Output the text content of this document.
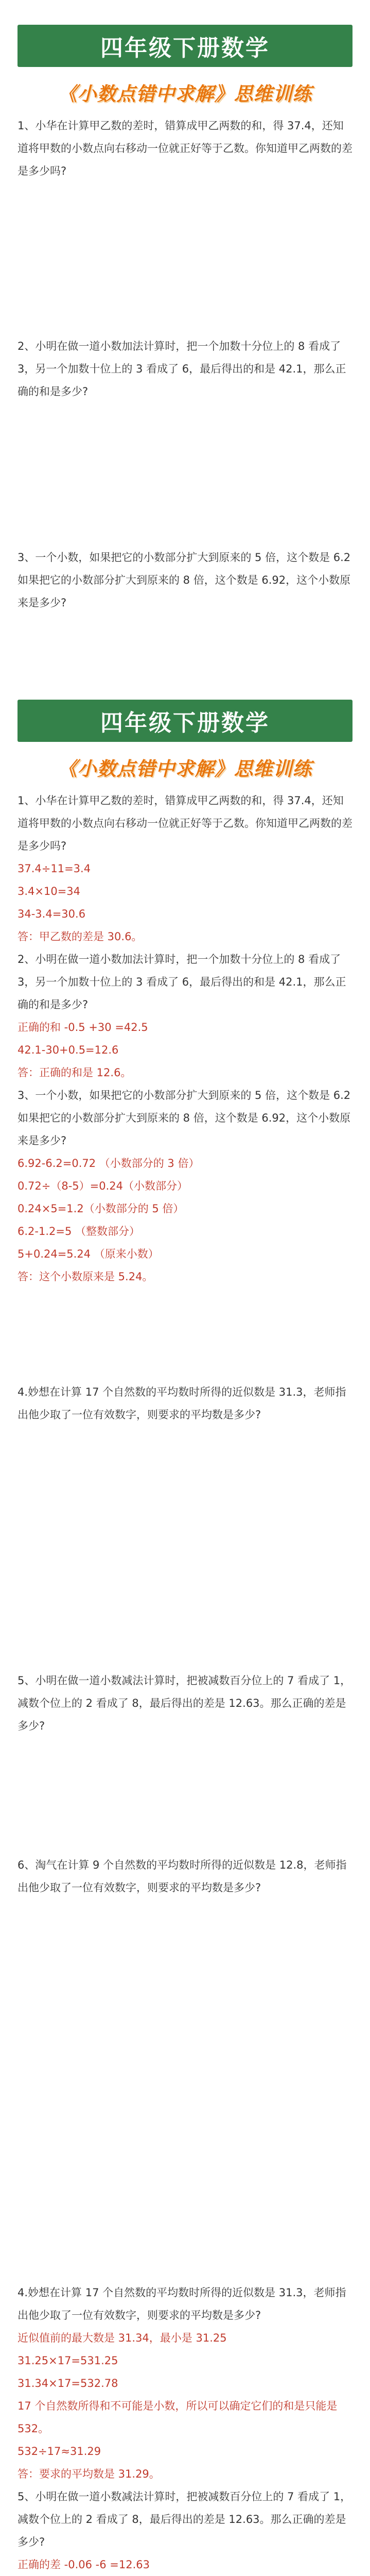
四年级下册数学
《小数点错中求解》思维训练

1、小华在计算甲乙数的差时，错算成甲乙两数的和，得 37.4，还知道将甲数的小数点向右移动一位就正好等于乙数。你知道甲乙两数的差是多少吗?

2、小明在做一道小数加法计算时，把一个加数十分位上的 8 看成了 3，另一个加数十位上的 3 看成了 6，最后得出的和是 42.1，那么正确的和是多少?

3、一个小数，如果把它的小数部分扩大到原来的 5 倍，这个数是 6.2 如果把它的小数部分扩大到原来的 8 倍，这个数是 6.92，这个小数原来是多少?

四年级下册数学
《小数点错中求解》思维训练

1、小华在计算甲乙数的差时，错算成甲乙两数的和，得 37.4，还知道将甲数的小数点向右移动一位就正好等于乙数。你知道甲乙两数的差是多少吗?

37.4÷11=3.4

3.4×10=34

34-3.4=30.6

答：甲乙数的差是 30.6。

2、小明在做一道小数加法计算时，把一个加数十分位上的 8 看成了 3，另一个加数十位上的 3 看成了 6，最后得出的和是 42.1，那么正确的和是多少?

正确的和 -0.5 +30 =42.5

42.1-30+0.5=12.6

答：正确的和是 12.6。

3、一个小数，如果把它的小数部分扩大到原来的 5 倍，这个数是 6.2 如果把它的小数部分扩大到原来的 8 倍，这个数是 6.92，这个小数原来是多少?

6.92-6.2=0.72 （小数部分的 3 倍）

0.72÷（8-5）=0.24（小数部分）

0.24×5=1.2（小数部分的 5 倍）

6.2-1.2=5 （整数部分）

5+0.24=5.24 （原来小数）

答：这个小数原来是 5.24。

4.妙想在计算 17 个自然数的平均数时所得的近似数是 31.3，老师指出他少取了一位有效数字，则要求的平均数是多少?

5、小明在做一道小数减法计算时，把被减数百分位上的 7 看成了 1，减数个位上的 2 看成了 8，最后得出的差是 12.63。那么正确的差是多少?

6、淘气在计算 9 个自然数的平均数时所得的近似数是 12.8，老师指出他少取了一位有效数字，则要求的平均数是多少?

4.妙想在计算 17 个自然数的平均数时所得的近似数是 31.3，老师指出他少取了一位有效数字，则要求的平均数是多少?

近似值前的最大数是 31.34，最小是 31.25

31.25×17=531.25

31.34×17=532.78

17 个自然数所得和不可能是小数，所以可以确定它们的和是只能是 532。

532÷17≈31.29

答：要求的平均数是 31.29。

5、小明在做一道小数减法计算时，把被减数百分位上的 7 看成了 1，减数个位上的 2 看成了 8，最后得出的差是 12.63。那么正确的差是多少?

正确的差 -0.06 -6 =12.63
